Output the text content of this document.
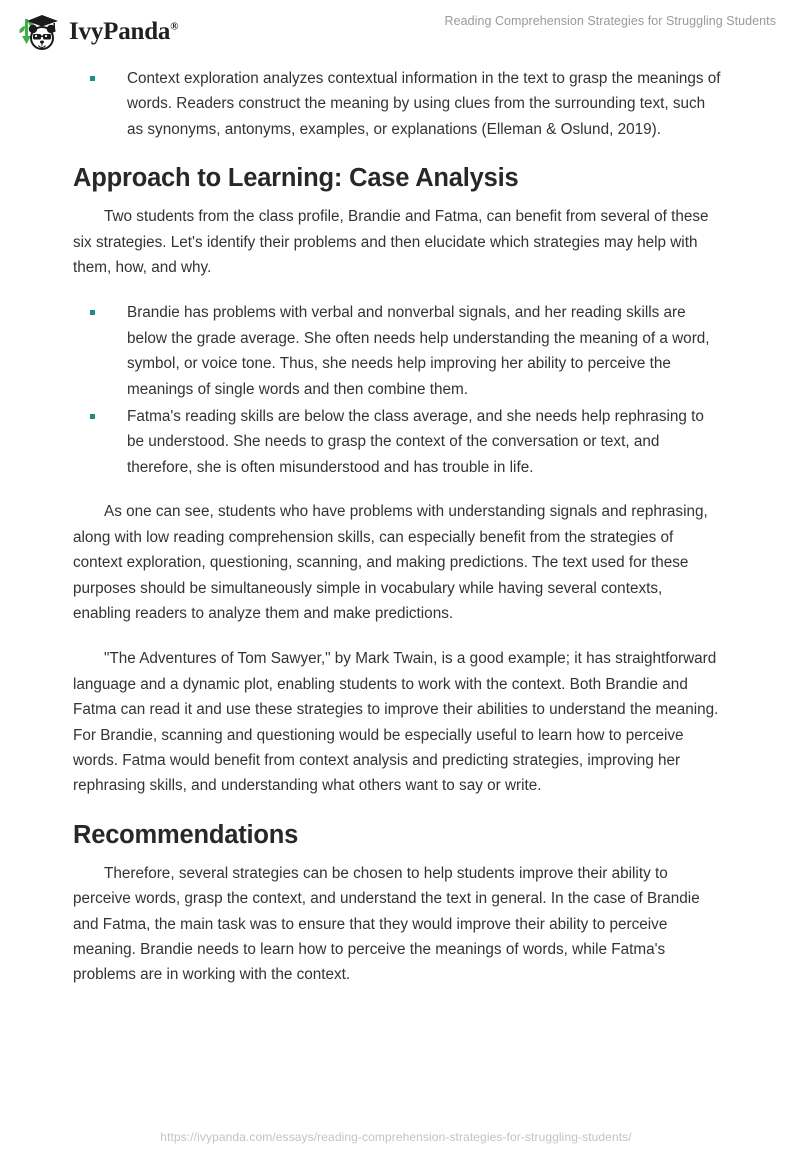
IvyPanda®	Reading Comprehension Strategies for Struggling Students
Context exploration analyzes contextual information in the text to grasp the meanings of words. Readers construct the meaning by using clues from the surrounding text, such as synonyms, antonyms, examples, or explanations (Elleman & Oslund, 2019).
Approach to Learning: Case Analysis

Two students from the class profile, Brandie and Fatma, can benefit from several of these six strategies. Let's identify their problems and then elucidate which strategies may help with them, how, and why.

Brandie has problems with verbal and nonverbal signals, and her reading skills are below the grade average. She often needs help understanding the meaning of a word, symbol, or voice tone. Thus, she needs help improving her ability to perceive the meanings of single words and then combine them.
Fatma's reading skills are below the class average, and she needs help rephrasing to be understood. She needs to grasp the context of the conversation or text, and therefore, she is often misunderstood and has trouble in life.

As one can see, students who have problems with understanding signals and rephrasing, along with low reading comprehension skills, can especially benefit from the strategies of context exploration, questioning, scanning, and making predictions. The text used for these purposes should be simultaneously simple in vocabulary while having several contexts, enabling readers to analyze them and make predictions.

"The Adventures of Tom Sawyer," by Mark Twain, is a good example; it has straightforward language and a dynamic plot, enabling students to work with the context. Both Brandie and Fatma can read it and use these strategies to improve their abilities to understand the meaning. For Brandie, scanning and questioning would be especially useful to learn how to perceive words. Fatma would benefit from context analysis and predicting strategies, improving her rephrasing skills, and understanding what others want to say or write.

Recommendations

Therefore, several strategies can be chosen to help students improve their ability to perceive words, grasp the context, and understand the text in general. In the case of Brandie and Fatma, the main task was to ensure that they would improve their ability to perceive meaning. Brandie needs to learn how to perceive the meanings of words, while Fatma's problems are in working with the context.

https://ivypanda.com/essays/reading-comprehension-strategies-for-struggling-students/
